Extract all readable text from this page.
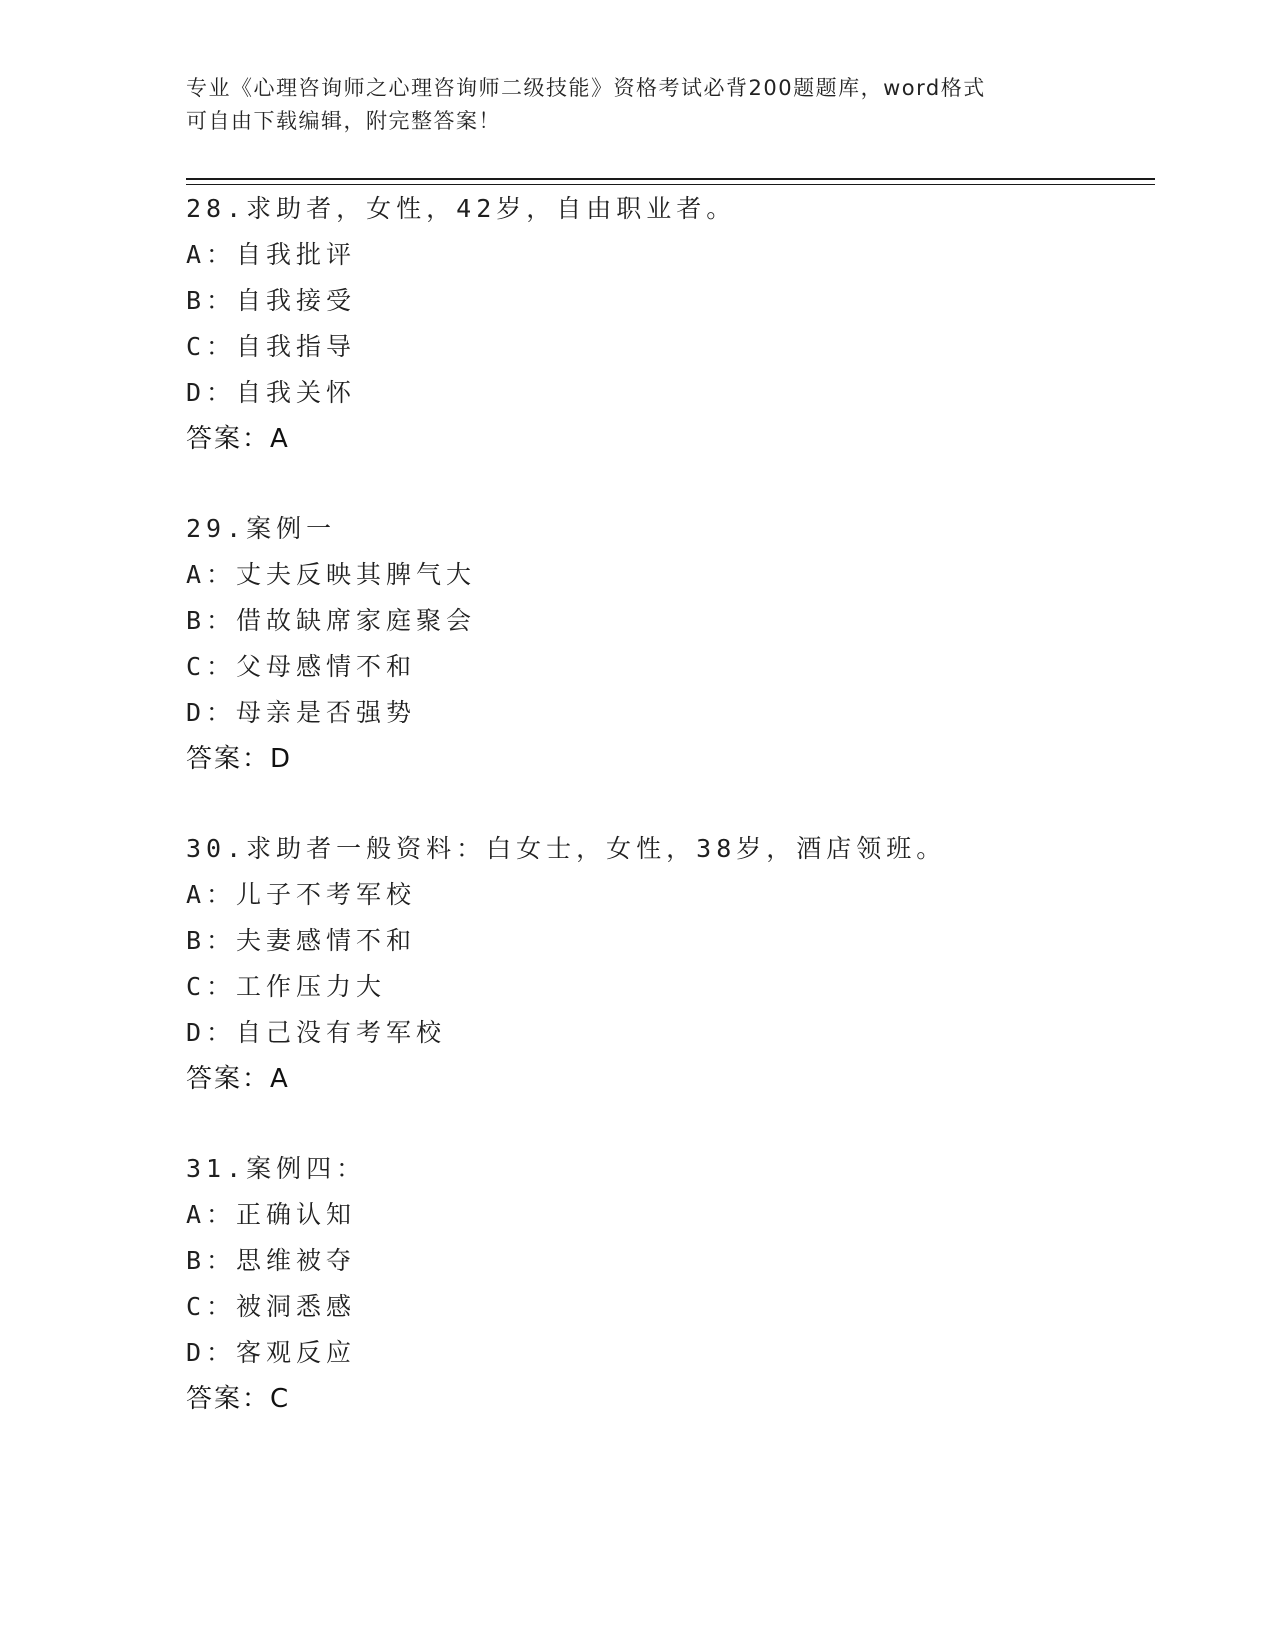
专业《心理咨询师之心理咨询师二级技能》资格考试必背200题题库，word格式
可自由下载编辑，附完整答案！
28.求助者，女性，42岁，自由职业者。
A：自我批评
B：自我接受
C：自我指导
D：自我关怀
答案：A
29.案例一
A：丈夫反映其脾气大
B：借故缺席家庭聚会
C：父母感情不和
D：母亲是否强势
答案：D
30.求助者一般资料：白女士，女性，38岁，酒店领班。
A：儿子不考军校
B：夫妻感情不和
C：工作压力大
D：自己没有考军校
答案：A
31.案例四：
A：正确认知
B：思维被夺
C：被洞悉感
D：客观反应
答案：C
